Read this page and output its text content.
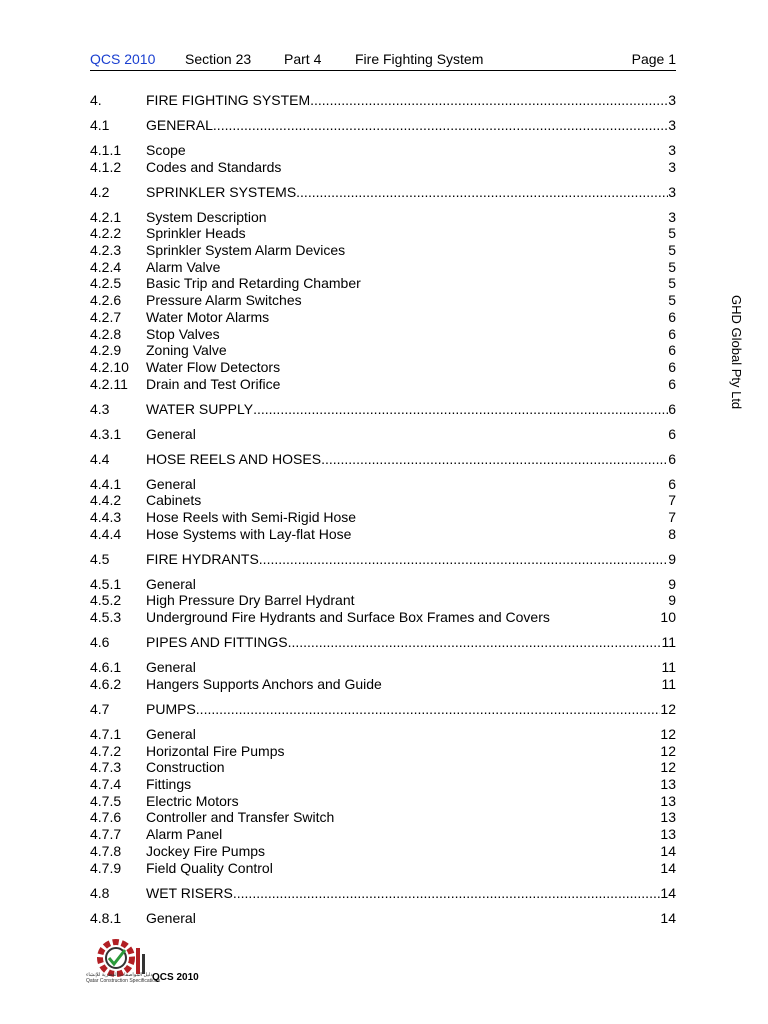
QCS 2010 Section 23 Part 4 Fire Fighting System	Page 1
4.	FIRE FIGHTING SYSTEM .....	3
4.1	GENERAL .....	3
4.1.1 Scope	3
4.1.2 Codes and Standards	3
4.2	SPRINKLER SYSTEMS .....	3
4.2.1 System Description	3
4.2.2 Sprinkler Heads	5
4.2.3 Sprinkler System Alarm Devices	5
4.2.4 Alarm Valve	5
4.2.5 Basic Trip and Retarding Chamber	5
4.2.6 Pressure Alarm Switches	5
4.2.7 Water Motor Alarms	6
4.2.8 Stop Valves	6
4.2.9 Zoning Valve	6
4.2.10 Water Flow Detectors	6
4.2.11 Drain and Test Orifice	6
4.3	WATER SUPPLY .....	6
4.3.1 General	6
4.4	HOSE REELS AND HOSES .....	6
4.4.1 General	6
4.4.2 Cabinets	7
4.4.3 Hose Reels with Semi-Rigid Hose	7
4.4.4 Hose Systems with Lay-flat Hose	8
4.5	FIRE HYDRANTS .....	9
4.5.1 General	9
4.5.2 High Pressure Dry Barrel Hydrant	9
4.5.3 Underground Fire Hydrants and Surface Box Frames and Covers	10
4.6	PIPES AND FITTINGS .....	11
4.6.1 General	11
4.6.2 Hangers Supports Anchors and Guide	11
4.7	PUMPS .....	12
4.7.1 General	12
4.7.2 Horizontal Fire Pumps	12
4.7.3 Construction	12
4.7.4 Fittings	13
4.7.5 Electric Motors	13
4.7.6 Controller and Transfer Switch	13
4.7.7 Alarm Panel	13
4.7.8 Jockey Fire Pumps	14
4.7.9 Field Quality Control	14
4.8	WET RISERS .....	14
4.8.1 General	14
GHD Global Pty Ltd
دليل المواصفات القطرية للإنشاء
Qatar Construction Specifications
QCS 2010
